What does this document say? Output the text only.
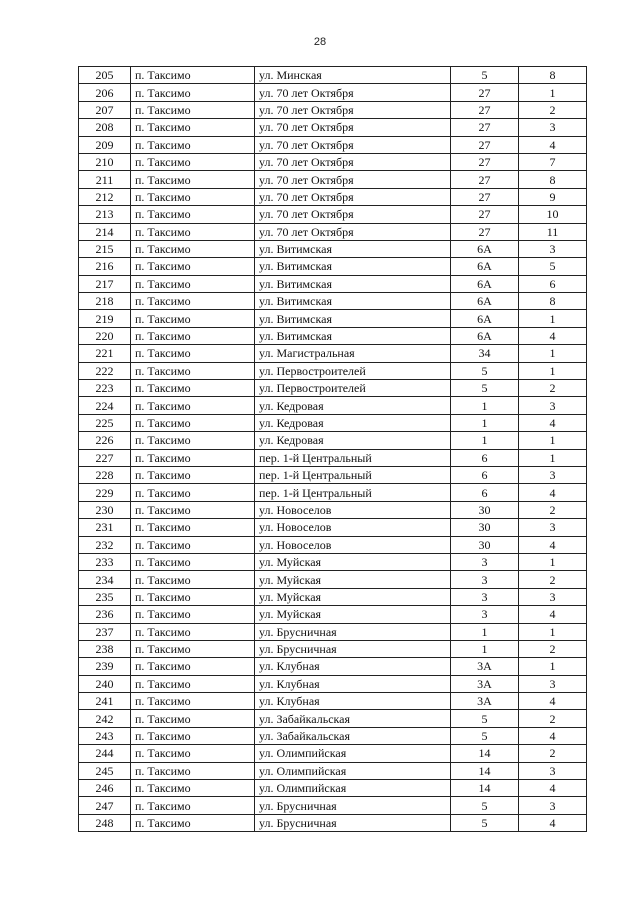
28
205	п. Таксимо	ул. Минская	5	8
206	п. Таксимо	ул. 70 лет Октября	27	1
207	п. Таксимо	ул. 70 лет Октября	27	2
208	п. Таксимо	ул. 70 лет Октября	27	3
209	п. Таксимо	ул. 70 лет Октября	27	4
210	п. Таксимо	ул. 70 лет Октября	27	7
211	п. Таксимо	ул. 70 лет Октября	27	8
212	п. Таксимо	ул. 70 лет Октября	27	9
213	п. Таксимо	ул. 70 лет Октября	27	10
214	п. Таксимо	ул. 70 лет Октября	27	11
215	п. Таксимо	ул. Витимская	6А	3
216	п. Таксимо	ул. Витимская	6А	5
217	п. Таксимо	ул. Витимская	6А	6
218	п. Таксимо	ул. Витимская	6А	8
219	п. Таксимо	ул. Витимская	6А	1
220	п. Таксимо	ул. Витимская	6А	4
221	п. Таксимо	ул. Магистральная	34	1
222	п. Таксимо	ул. Первостроителей	5	1
223	п. Таксимо	ул. Первостроителей	5	2
224	п. Таксимо	ул. Кедровая	1	3
225	п. Таксимо	ул. Кедровая	1	4
226	п. Таксимо	ул. Кедровая	1	1
227	п. Таксимо	пер. 1-й Центральный	6	1
228	п. Таксимо	пер. 1-й Центральный	6	3
229	п. Таксимо	пер. 1-й Центральный	6	4
230	п. Таксимо	ул. Новоселов	30	2
231	п. Таксимо	ул. Новоселов	30	3
232	п. Таксимо	ул. Новоселов	30	4
233	п. Таксимо	ул. Муйская	3	1
234	п. Таксимо	ул. Муйская	3	2
235	п. Таксимо	ул. Муйская	3	3
236	п. Таксимо	ул. Муйская	3	4
237	п. Таксимо	ул. Брусничная	1	1
238	п. Таксимо	ул. Брусничная	1	2
239	п. Таксимо	ул. Клубная	3А	1
240	п. Таксимо	ул. Клубная	3А	3
241	п. Таксимо	ул. Клубная	3А	4
242	п. Таксимо	ул. Забайкальская	5	2
243	п. Таксимо	ул. Забайкальская	5	4
244	п. Таксимо	ул. Олимпийская	14	2
245	п. Таксимо	ул. Олимпийская	14	3
246	п. Таксимо	ул. Олимпийская	14	4
247	п. Таксимо	ул. Брусничная	5	3
248	п. Таксимо	ул. Брусничная	5	4
